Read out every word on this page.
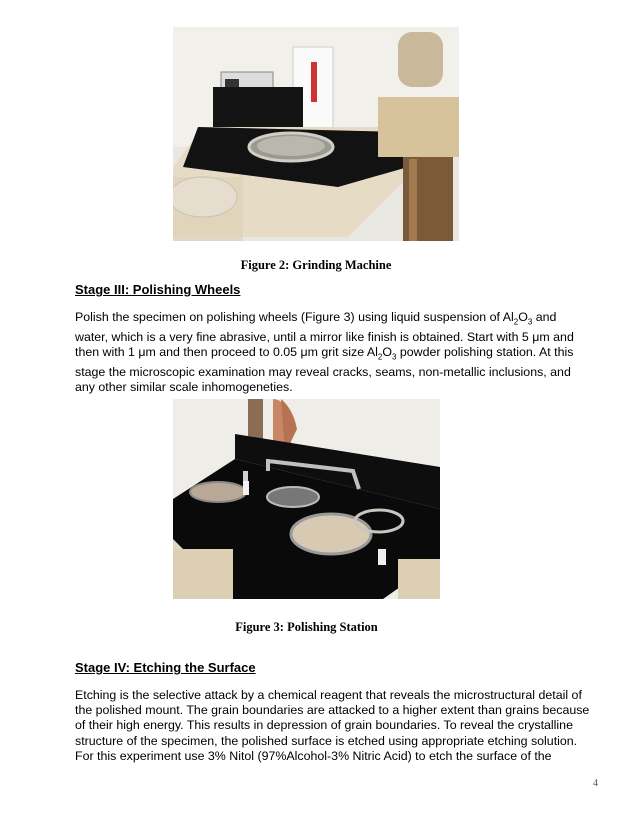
Figure 2: Grinding Machine
Stage III: Polishing Wheels
Polish the specimen on polishing wheels (Figure 3) using liquid suspension of $Al_2O_3$ and water, which is a very fine abrasive, until a mirror like finish is obtained. Start with 5 μm and then with 1 μm and then proceed to 0.05 μm grit size $Al_2O_3$ powder polishing station. At this stage the microscopic examination may reveal cracks, seams, non-metallic inclusions, and any other similar scale inhomogeneties.
Figure 3: Polishing Station
Stage IV: Etching the Surface
Etching is the selective attack by a chemical reagent that reveals the microstructural detail of the polished mount. The grain boundaries are attacked to a higher extent than grains because of their high energy. This results in depression of grain boundaries. To reveal the crystalline structure of the specimen, the polished surface is etched using appropriate etching solution. For this experiment use 3% Nitol (97%Alcohol-3% Nitric Acid) to etch the surface of the
4
